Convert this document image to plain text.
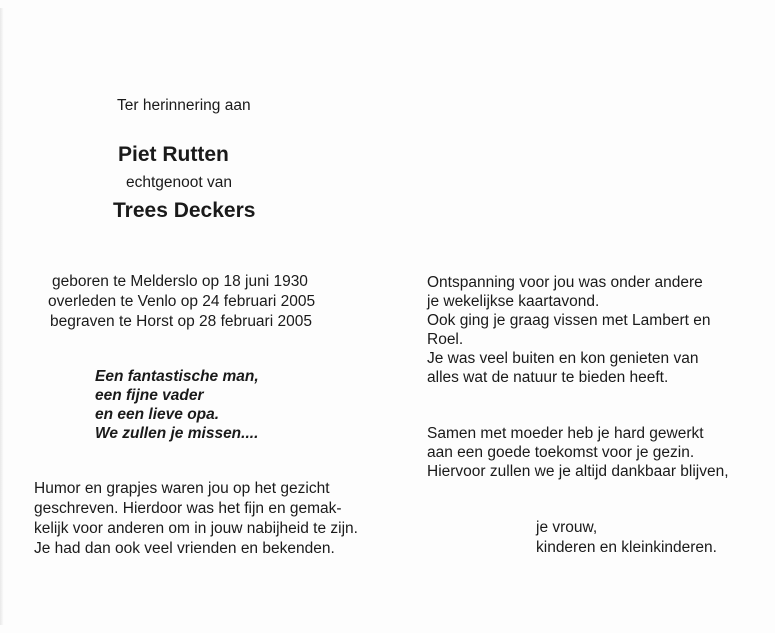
Ter herinnering aan
Piet Rutten
echtgenoot van
Trees Deckers
geboren te Melderslo op 18 juni 1930
overleden te Venlo op 24 februari 2005
begraven te Horst op 28 februari 2005
Een fantastische man,
een fijne vader
en een lieve opa.
We zullen je missen....
Humor en grapjes waren jou op het gezicht
geschreven. Hierdoor was het fijn en gemak-
kelijk voor anderen om in jouw nabijheid te zijn.
Je had dan ook veel vrienden en bekenden.
Ontspanning voor jou was onder andere
je wekelijkse kaartavond.
Ook ging je graag vissen met Lambert en
Roel.
Je was veel buiten en kon genieten van
alles wat de natuur te bieden heeft.
Samen met moeder heb je hard gewerkt
aan een goede toekomst voor je gezin.
Hiervoor zullen we je altijd dankbaar blijven,
je vrouw,
kinderen en kleinkinderen.
